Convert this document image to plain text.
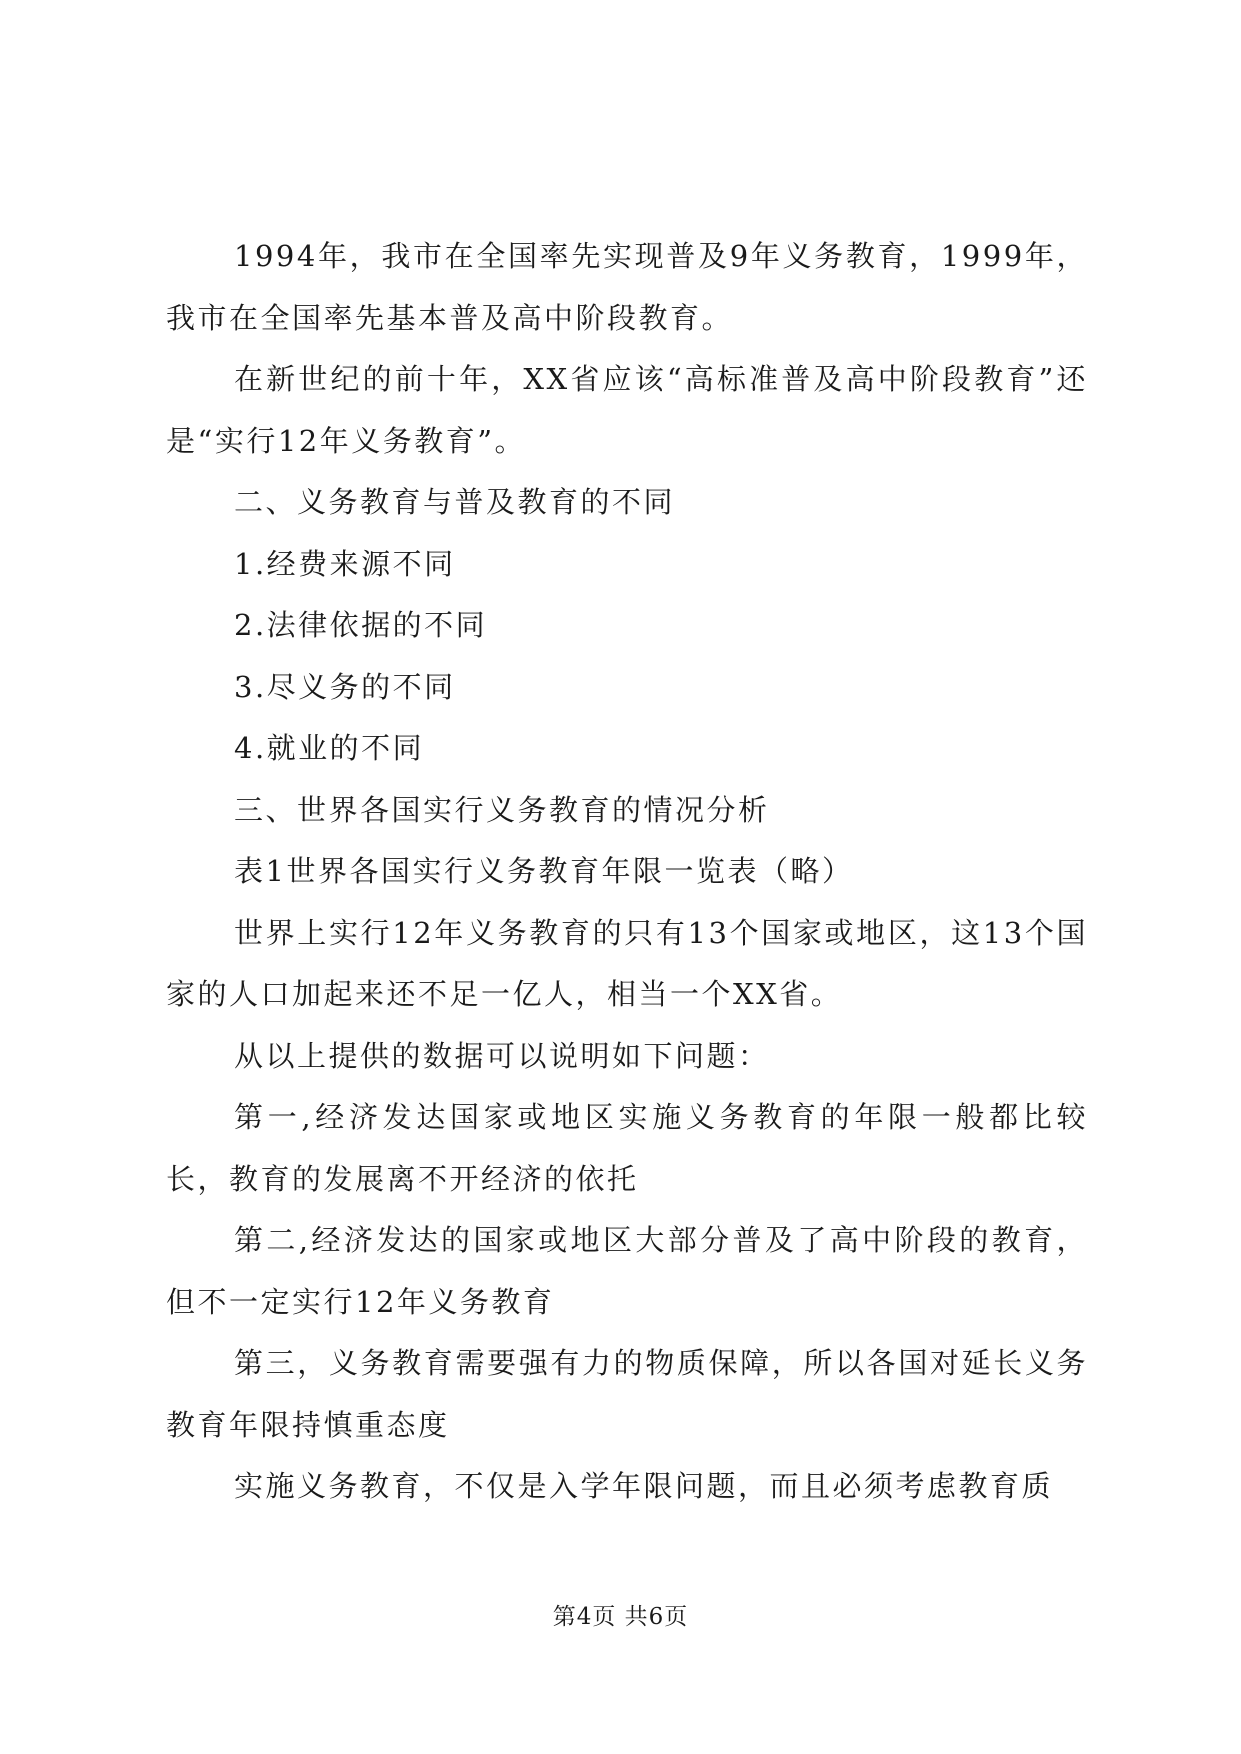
1994年，我市在全国率先实现普及9年义务教育，1999年，我市在全国率先基本普及高中阶段教育。

在新世纪的前十年，XX省应该“高标准普及高中阶段教育”还是“实行12年义务教育”。

二、义务教育与普及教育的不同

1.经费来源不同

2.法律依据的不同

3.尽义务的不同

4.就业的不同

三、世界各国实行义务教育的情况分析

表1世界各国实行义务教育年限一览表（略）

世界上实行12年义务教育的只有13个国家或地区，这13个国家的人口加起来还不足一亿人，相当一个XX省。

从以上提供的数据可以说明如下问题：

第一,经济发达国家或地区实施义务教育的年限一般都比较长，教育的发展离不开经济的依托

第二,经济发达的国家或地区大部分普及了高中阶段的教育，但不一定实行12年义务教育

第三，义务教育需要强有力的物质保障，所以各国对延长义务教育年限持慎重态度

实施义务教育，不仅是入学年限问题，而且必须考虑教育质

第4页 共6页
